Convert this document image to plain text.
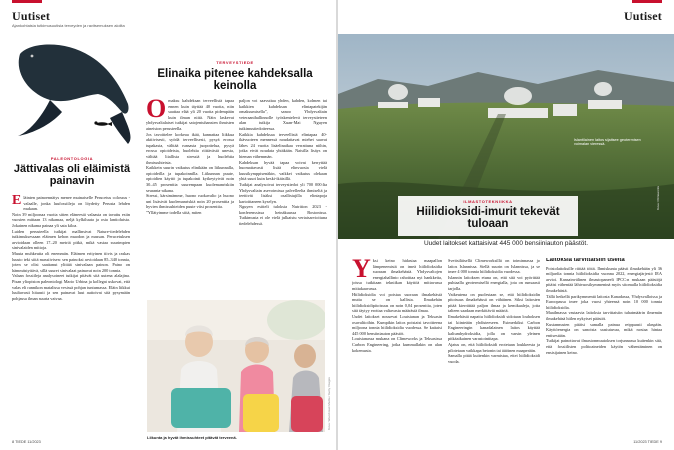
Uutiset
Ajankohtaisia tutkimusuutisia terveyden ja ravitsemuksen aloilta
PALEONTOLOGIA
Jättivalas oli eläimistä painavin

Eläinten painoennätys menee muinaiselle Perucetus colossus -valaalle, jonka luufossiileja on löydetty Perusta lehden mukaan.

Noin 39 miljoonaa vuotta sitten eläneestä valaasta on tavattu esiin vuosien mittaan 13 nikamaa, neljä kylkiluuta ja osia lantioluista. Jokainen nikama painaa yli sata kiloa.

Luiden perusteella tutkijat mallinsivat Nature-tiedelehden tutkimuksessaan eläimen kehon muodon ja massan. Perucetuksen arvioidaan olleen 17–20 metriä pitkä, mikä vastaa suurimpien sinivalaiden mittoja.

Muuta muhkeutta oli enemmän. Eläimen erityinen tiivis ja raskas luusto teki siitä massiivisen: sen painoksi arvioidaan 85–340 tonnia, joten se olisi saattanut ylittää sinivalaan painon. Paino on hämmästyttävä, sillä suuret sinivalaat painavat noin 200 tonnia.

Valaan fossiileja analysoineet tutkijat pitävät sitä uutena alalajina. Pisan yliopiston paleontologi Mario Urbina ja kollegat uskovat, että valas eli rannikon matalissa vesissä pohjan tuntumassa. Eläin liikkui luultavasti hitaasti ja sen painavat luut auttoivat sitä pysymään pohjassa ilman suurta vaivaa.

TERVEYSTIEDE
Elinaika pitenee kahdeksalla keinolla

Omaksu kahdeksan terveellistä tapaa ennen kuin täyttää 40 vuotta, niin saattaa elää yli 20 vuotta pidempään kuin ilman niitä. Näin laskevat yhdysvaltalaiset tutkijat satojentuhansien ihmisten aineiston perusteella.

Jos tavoittelee korkeaa ikää, kannattaa liikkua aktiivisesti, syödä terveellisesti, pysyä erossa tupakasta, välttää runsasta juopottelua, pysyä erossa opioideista, huolehtia riittävästä unesta, välttää liiallista stressiä ja huolehtia ihmissuhteista.

Kaikkein suurin vaikutus elinikään on liikunnalla, opioideilla ja tupakoinnilla. Liikunnan puute, opioidien käyttö ja tupakointi kytkeytyivät noin 30–45 prosenttia suurempaan kuolemanriskiin seuranta-aikana.

Stressi, kärsimämme, huono ruokavalio ja huono uni lisäsivät kuolemanriskiä noin 20 prosenttia ja hyvien ihmissuhteiden puute viisi prosenttia.

”Yllätyimme todella siitä, miten

paljon voi saavuttaa yhden, kahden, kolmen tai kaikkien kahdeksan elintapatekijän omaksumisella”, sanoo Yhdysvaltain veteraanihallinnolle työskentelevä terveystieteen alan tutkija Xuan-Mai Nguyen tutkimustiedotteessa.

Kaikkia kahdeksaa terveellistä elintapaa 40-ikävuoteen mennessä noudattavat miehet saavat lähes 24 vuotta lisäelinaikaa verrattuna niihin, jotka eivät noudata yhtäkään. Naisilla lisäys on hieman vähemmän.

Kahdeksan hyvää tapaa voivat kerryttää huomattavasti lisää elinvuosia vielä kuusikymppisenäkin, vaikkei vaikutus olekaan yhtä suuri kuin keski-ikäisillä.

Tutkijat analysoivat terveystiedot yli 700 000:lta Yhdysvaltain asevoimissa palvelleelta ihmiseltä ja teettivät lisäksi osallistujilla elintapoja kartoittaneen kyselyn.

Nguyen esitteli tuloksia Nutrition 2023 -konferenssissa heinäkuussa Bostonissa. Tutkimusta ei ole vielä julkaistu vertaisarvioituna tiedelehdessä.

Kuva: Wavebreak Media / Getty Images
Liikunta ja hyvät ihmissuhteet pitävät terveenä.
8 TIEDE 11/2023
Uutiset
Islantilainen laitos sijaitsee geotermisen voimalan vieressä.
Kuva: Climeworks
ILMASTOTEKNIIKKA
Hiilidioksidi-imurit tekevät tuloaan
Uudet laitokset kattaisivat 445 000 bensiiniauton päästöt.

Yksi keino hidastaa maapallon lämpenemistä on imeä hiilidioksidia suoraan ilmakehästä. Yhdysvaltojen energiahallinto rahoittaa nyt hankkeita, joissa tutkitaan tekniikan käyttöä mittavassa mittakaavassa.

Hiilidioksidia voi poistaa suoraan ilmakehästä mutta se on kallista. Ilmakehän hiilidioksidipitoisuus on noin 0,04 prosenttia, joten sitä täytyy erottaa valtavasta määrästä ilmaa.

Uudet laitokset nousevat Louisianan ja Teksasin osavaltioihin. Kumpikin laitos poistaisi tavoitteena miljoona tonnia hiilidioksidia vuodessa. Se kattaisi 445 000 bensiiniauton päästöt.

Louisianassa mukana on Climeworks ja Teksasissa Carbon Engineering, jotka kummallakin on alan kokemusta.

Sveitsiläisellä Climeworksillä on toiminnassa jo laitos Islannissa. Siellä suurin on Islannissa, ja se imee 4 000 tonnia hiilidioksidia vuodessa.

Islannin laitoksen etuna on, että sitä voi pyörittää puhtaalla geotermisellä energialla, jota on runsaasti tarjolla.

Vaikeutena on puolestaan se, että hiilidioksidin pitoisuus ilmakehässä on vähäinen. Siksi laitosten pitää kierrättää paljon ilmaa ja kemikaaleja, jotta talteen saadaan merkittäviä määriä.

Ilmakehästä napattu hiilidioksidi sidotaan louhoksen tai kiinteään yhdisteeseen. Esimerkiksi Carbon Engineeringin kanadalainen laitos käyttää kaliumhydroksidia, jolla on varsin yleinen pitkäaikainen varastointitapa.

Ajatus on, että hiilidioksidi erotetaan loukkeesta ja pilotetaan vaikkapa betonin tai ääöinen maaperään.

Samalla pitää kuitenkin varmistaa, ettei hiilidioksidi vuoda.

Laitoksia tarvittaisiin useita

Poistolaitoksille riittää töitä. Ihmiskunta päästi ilmakehään yli 36 miljardia tonnia hiilidioksidia vuonna 2022, energiajärjestö IEA arvioi. Kansainvälinen ilmastopaneeli IPCC:n mukaan päästöjä pitäisi vähentää lähivuosikymmeninä myös sitomalla hiilidioksidia ilmakehästä.

Tällä hetkellä parikymmentä laitosta Kanadassa, Yhdysvalloissa ja Euroopassa imee joka vuosi yhteensä noin 10 000 tonnia hiilidioksidia.

Maailmassa vastaavia laitoksia tarvittaisiin tuhatmäärin ilmemän ilmakehäsä hiilen nykyiset päästöt.

Kustannusten pitäisi samalla painua reippaasti alaspäin. Käyttöenergia on sanoista uusiutuvaa, mikä nostaa hintaa entisestään.

Tutkijat painottavat ilmastonmuutoksen torjunnassa kuitenkin sitä, että fossiilisten polttoaineiden käytön vähentäminen on ensisijainen keino.

11/2023 TIEDE 9
